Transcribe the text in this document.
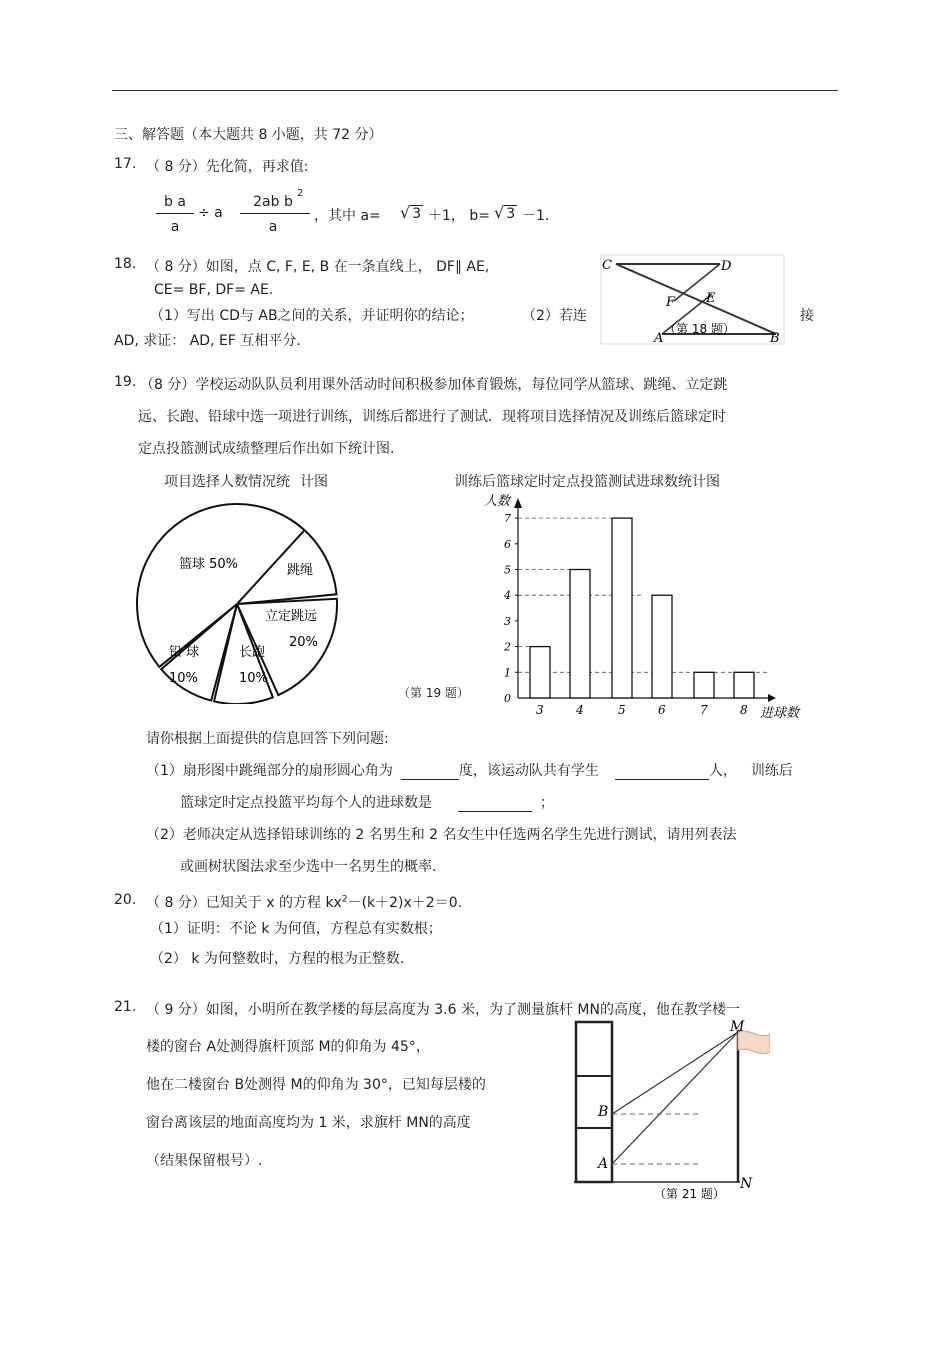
三、解答题（本大题共 8 小题，共 72 分）
17. （ 8 分）先化简，再求值:
b a
a
÷ a
2ab b
2
a
，其中 a= √ 3 ＋1， b= √ 3 －1.
18. （ 8 分）如图，点 C, F, E, B 在一条直线上， DF∥ AE,
CE= BF, DF= AE.
（1）写出 CD与 AB之间的关系，并证明你的结论；	（2）若连	接
AD, 求证： AD, EF 互相平分.
C	D
F E
A	B
（第 18 题）
19. （8 分）学校运动队队员利用课外活动时间积极参加体育锻炼，每位同学从篮球、跳绳、立定跳
远、长跑、铅球中选一项进行训练，训练后都进行了测试．现将项目选择情况及训练后篮球定时
定点投篮测试成绩整理后作出如下统计图.
项目选择人数情况统 计图	训练后篮球定时定点投篮测试进球数统计图
篮球 50%	跳绳
立定跳远
20%
长跑
10%
铅 球
10%
人数
进球数
0
1
2
3
4
5
6
7
3	4	5	6	7	8
（第 19 题）
请你根据上面提供的信息回答下列问题:
（1）扇形图中跳绳部分的扇形圆心角为	度，该运动队共有学生	人， 训练后
篮球定时定点投篮平均每个人的进球数是	；
（2）老师决定从选择铅球训练的 2 名男生和 2 名女生中任选两名学生先进行测试，请用列表法
或画树状图法求至少选中一名男生的概率.
20. （ 8 分）已知关于 x 的方程 $kx^2-(k+2)x+2=0$.
（1）证明：不论 k 为何值，方程总有实数根；
（2） k 为何整数时，方程的根为正整数.
21. （ 9 分）如图，小明所在教学楼的每层高度为 3.6 米，为了测量旗杆 MN的高度，他在教学楼一
楼的窗台 A处测得旗杆顶部 M的仰角为 45°，
他在二楼窗台 B处测得 M的仰角为 30°，已知每层楼的
窗台离该层的地面高度均为 1 米，求旗杆 MN的高度
（结果保留根号）.
M
N
B
A
（第 21 题）
